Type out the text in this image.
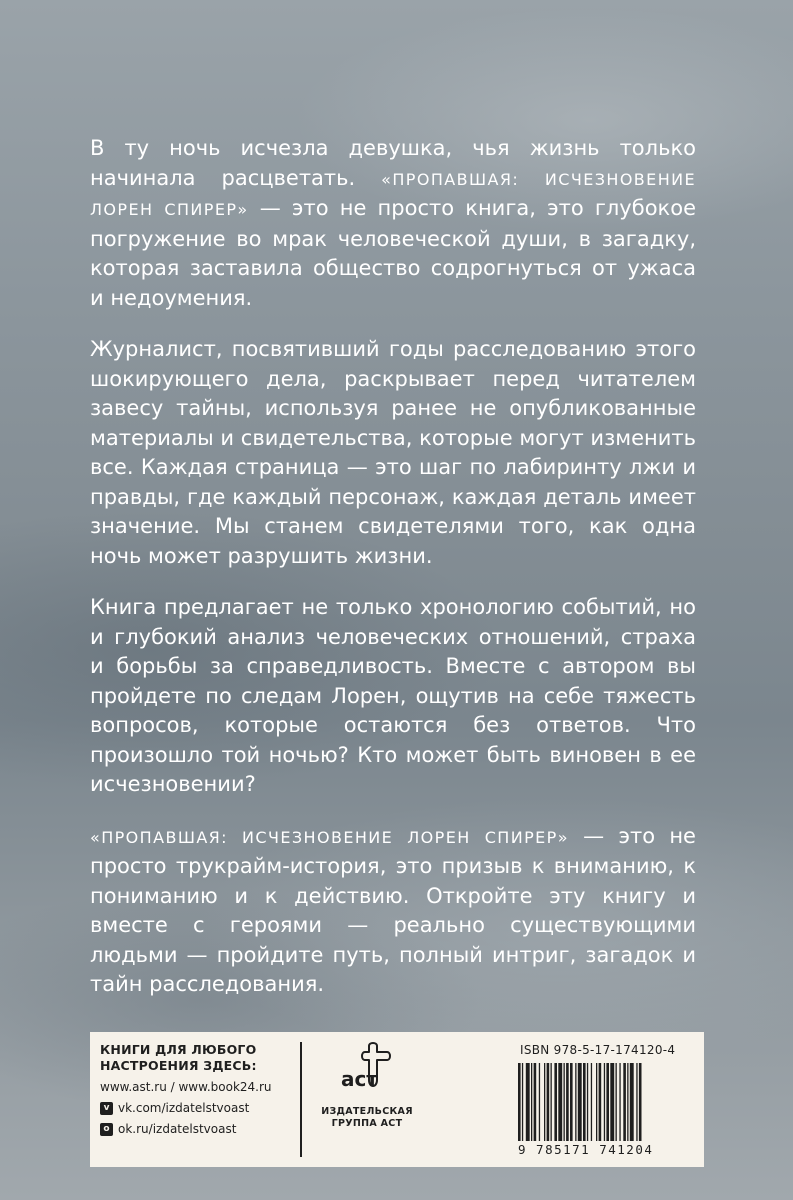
В ту ночь исчезла девушка, чья жизнь только начинала расцветать. «ПРОПАВШАЯ: ИСЧЕЗНОВЕНИЕ ЛОРЕН СПИРЕР» — это не просто книга, это глубокое погружение во мрак человеческой души, в загадку, которая заставила общество содрогнуться от ужаса и недоумения.

Журналист, посвятивший годы расследованию этого шокирующего дела, раскрывает перед читателем завесу тайны, используя ранее не опубликованные материалы и свидетельства, которые могут изменить все. Каждая страница — это шаг по лабиринту лжи и правды, где каждый персонаж, каждая деталь имеет значение. Мы станем свидетелями того, как одна ночь может разрушить жизни.

Книга предлагает не только хронологию событий, но и глубокий анализ человеческих отношений, страха и борьбы за справедливость. Вместе с автором вы пройдете по следам Лорен, ощутив на себе тяжесть вопросов, которые остаются без ответов. Что произошло той ночью? Кто может быть виновен в ее исчезновении?

«ПРОПАВШАЯ: ИСЧЕЗНОВЕНИЕ ЛОРЕН СПИРЕР» — это не просто трукрайм-история, это призыв к вниманию, к пониманию и к действию. Откройте эту книгу и вместе с героями — реально существующими людьми — пройдите путь, полный интриг, загадок и тайн расследования.

КНИГИ ДЛЯ ЛЮБОГО
НАСТРОЕНИЯ ЗДЕСЬ:
www.ast.ru / www.book24.ru
v vk.com/izdatelstvoast
o ok.ru/izdatelstvoast
аст
ИЗДАТЕЛЬСКАЯ
ГРУППА АСТ
ISBN 978-5-17-174120-4
9 785171 741204
